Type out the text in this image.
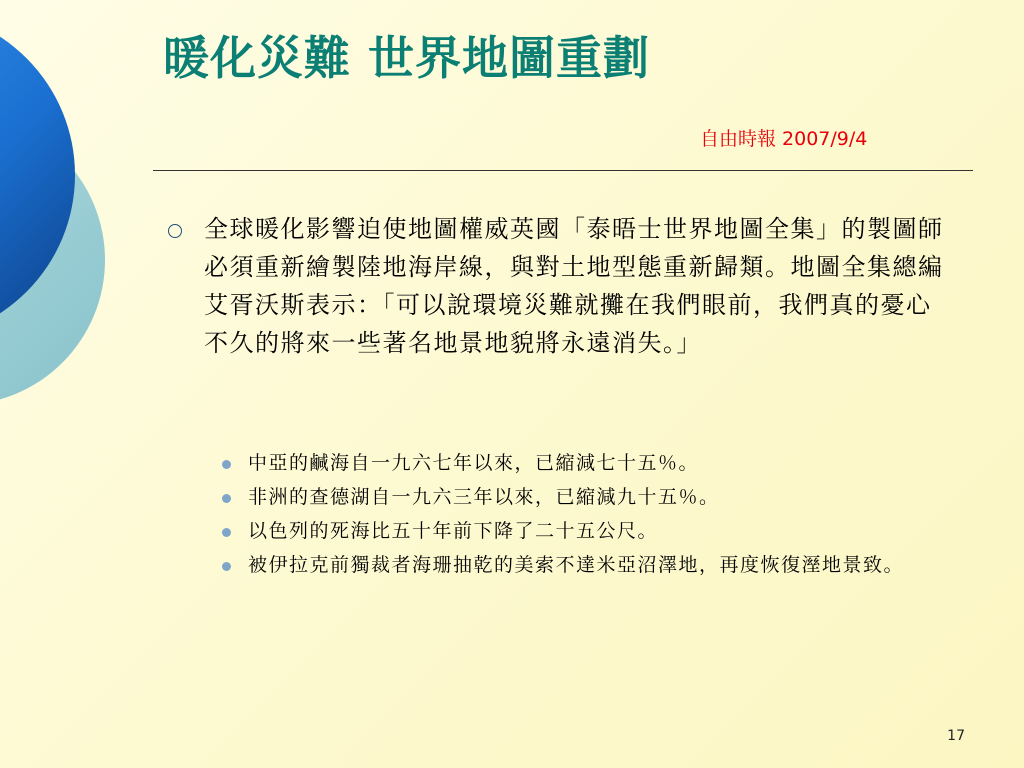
暖化災難 世界地圖重劃
自由時報 2007/9/4

全球暖化影響迫使地圖權威英國「泰晤士世界地圖全集」的製圖師必須重新繪製陸地海岸線，與對土地型態重新歸類。地圖全集總編艾胥沃斯表示：「可以說環境災難就攤在我們眼前，我們真的憂心不久的將來一些著名地景地貌將永遠消失。」

中亞的鹹海自一九六七年以來，已縮減七十五％。
非洲的查德湖自一九六三年以來，已縮減九十五％。
以色列的死海比五十年前下降了二十五公尺。
被伊拉克前獨裁者海珊抽乾的美索不達米亞沼澤地，再度恢復溼地景致。
17
